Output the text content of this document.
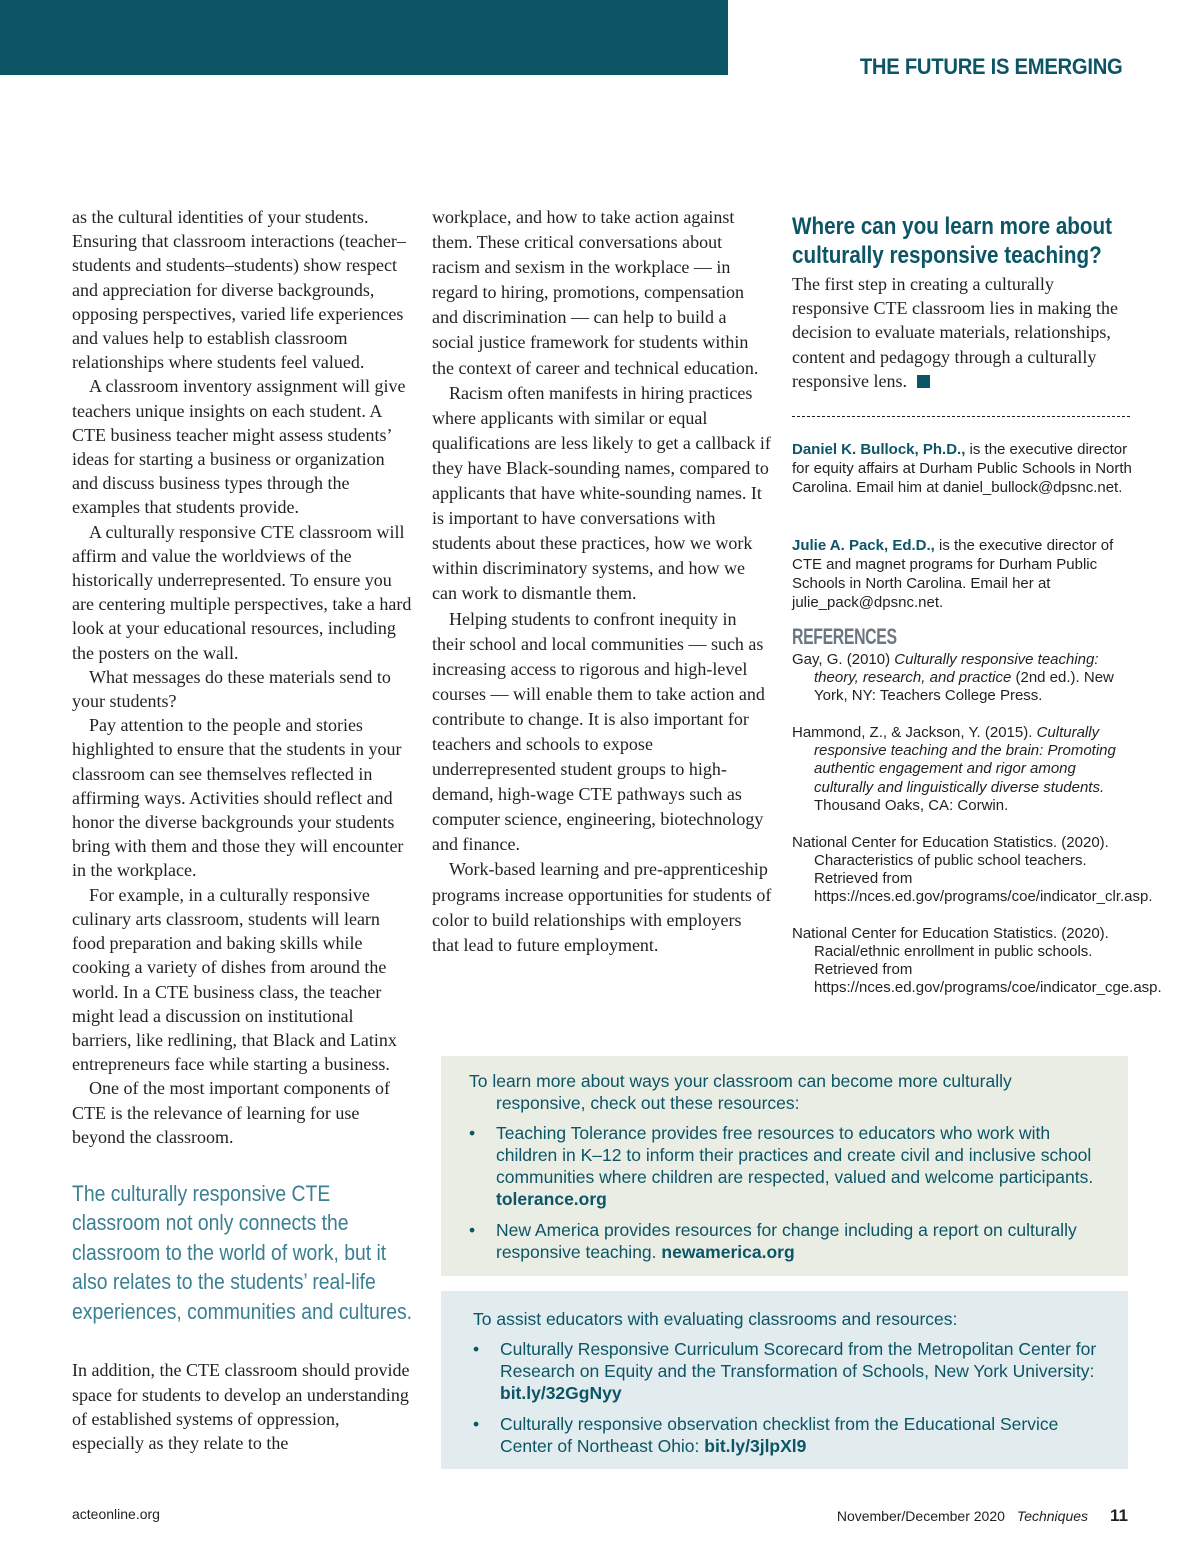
THE FUTURE IS EMERGING

as the cultural identities of your students. Ensuring that classroom interactions (teacher–students and students–students) show respect and appreciation for diverse backgrounds, opposing perspectives, varied life experiences and values help to establish classroom relationships where students feel valued.

A classroom inventory assignment will give teachers unique insights on each student. A CTE business teacher might assess students’ ideas for starting a business or organization and discuss business types through the examples that students provide.

A culturally responsive CTE classroom will affirm and value the worldviews of the historically underrepresented. To ensure you are centering multiple perspectives, take a hard look at your educational resources, including the posters on the wall.

What messages do these materials send to your students?

Pay attention to the people and stories highlighted to ensure that the students in your classroom can see themselves reflected in affirming ways. Activities should reflect and honor the diverse backgrounds your students bring with them and those they will encounter in the workplace.

For example, in a culturally responsive culinary arts classroom, students will learn food preparation and baking skills while cooking a variety of dishes from around the world. In a CTE business class, the teacher might lead a discussion on institutional barriers, like redlining, that Black and Latinx entrepreneurs face while starting a business.

One of the most important components of CTE is the relevance of learning for use beyond the classroom.

The culturally responsive CTE classroom not only connects the classroom to the world of work, but it also relates to the students’ real-life experiences, communities and cultures.

In addition, the CTE classroom should provide space for students to develop an understanding of established systems of oppression, especially as they relate to the

workplace, and how to take action against them. These critical conversations about racism and sexism in the workplace — in regard to hiring, promotions, compensation and discrimination — can help to build a social justice framework for students within the context of career and technical education.

Racism often manifests in hiring practices where applicants with similar or equal qualifications are less likely to get a callback if they have Black-sounding names, compared to applicants that have white-sounding names. It is important to have conversations with students about these practices, how we work within discriminatory systems, and how we can work to dismantle them.

Helping students to confront inequity in their school and local communities — such as increasing access to rigorous and high-level courses — will enable them to take action and contribute to change. It is also important for teachers and schools to expose underrepresented student groups to high-demand, high-wage CTE pathways such as computer science, engineering, biotechnology and finance.

Work-based learning and pre-apprenticeship programs increase opportunities for students of color to build relationships with employers that lead to future employment.

Where can you learn more about culturally responsive teaching?

The first step in creating a culturally responsive CTE classroom lies in making the decision to evaluate materials, relationships, content and pedagogy through a culturally responsive lens.

Daniel K. Bullock, Ph.D., is the executive director for equity affairs at Durham Public Schools in North Carolina. Email him at daniel_bullock@dpsnc.net.
Julie A. Pack, Ed.D., is the executive director of CTE and magnet programs for Durham Public Schools in North Carolina. Email her at julie_pack@dpsnc.net.
REFERENCES

Gay, G. (2010) Culturally responsive teaching: theory, research, and practice (2nd ed.). New York, NY: Teachers College Press.

Hammond, Z., & Jackson, Y. (2015). Culturally responsive teaching and the brain: Promoting authentic engagement and rigor among culturally and linguistically diverse students. Thousand Oaks, CA: Corwin.

National Center for Education Statistics. (2020). Characteristics of public school teachers. Retrieved from https://nces.ed.gov/programs/coe/indicator_clr.asp.

National Center for Education Statistics. (2020). Racial/ethnic enrollment in public schools. Retrieved from https://nces.ed.gov/programs/coe/indicator_cge.asp.

To learn more about ways your classroom can become more culturally responsive, check out these resources:

• Teaching Tolerance provides free resources to educators who work with children in K–12 to inform their practices and create civil and inclusive school communities where children are respected, valued and welcome participants. tolerance.org
• New America provides resources for change including a report on culturally responsive teaching. newamerica.org

To assist educators with evaluating classrooms and resources:

• Culturally Responsive Curriculum Scorecard from the Metropolitan Center for Research on Equity and the Transformation of Schools, New York University: bit.ly/32GgNyy
• Culturally responsive observation checklist from the Educational Service Center of Northeast Ohio: bit.ly/3jlpXl9
acteonline.org	November/December 2020 Techniques 11
